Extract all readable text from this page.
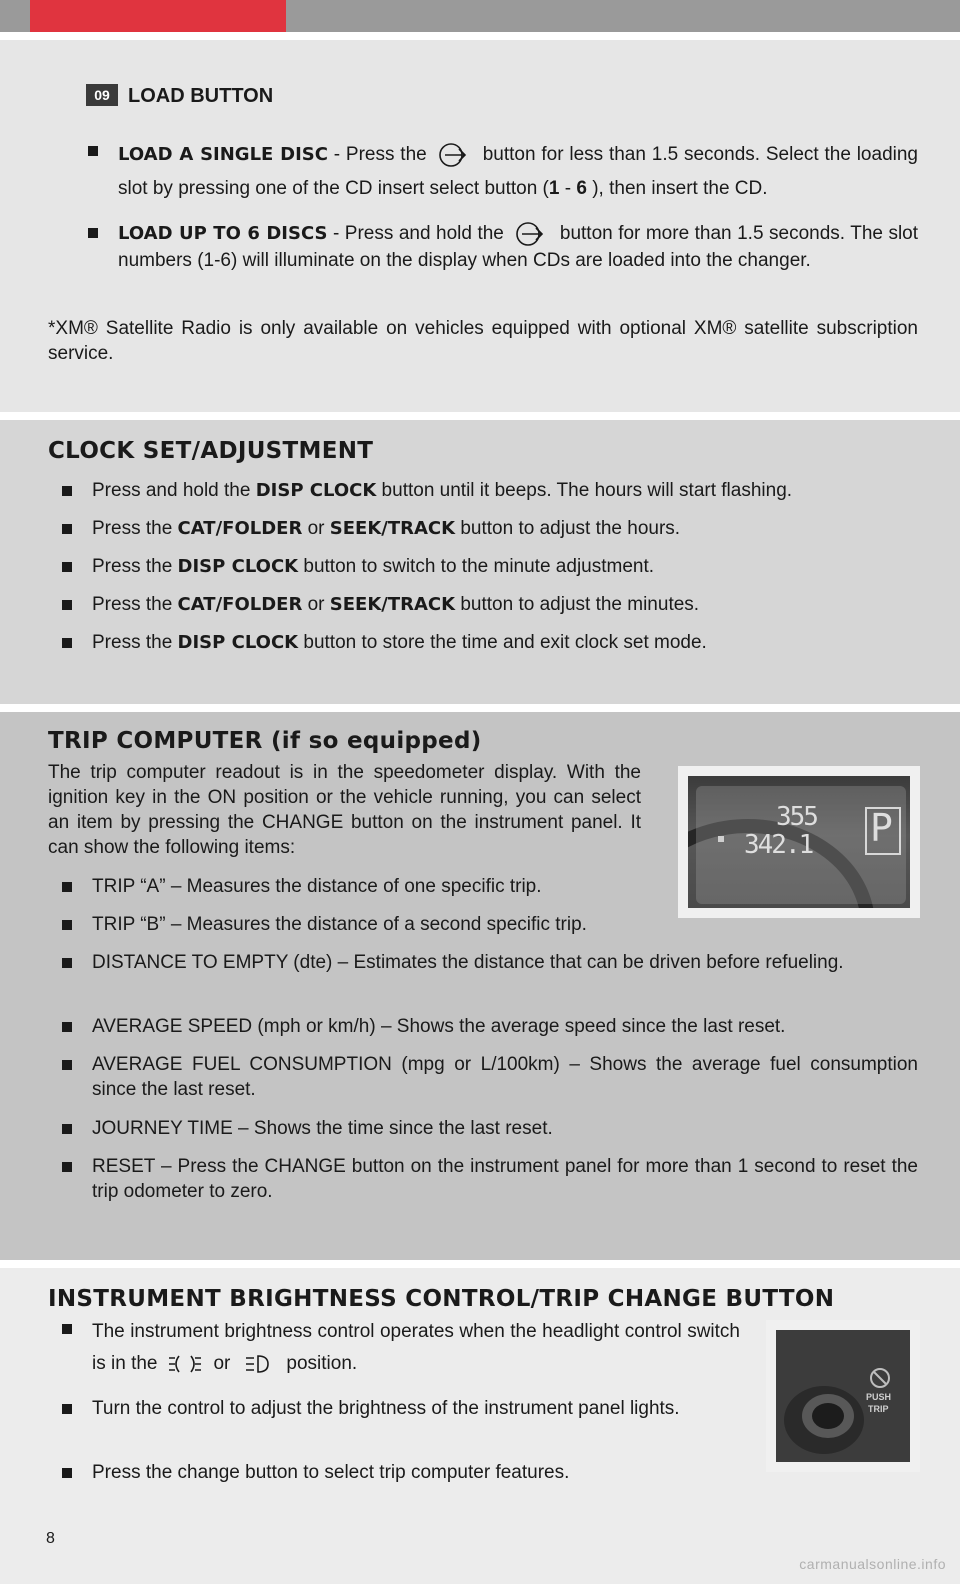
09 LOAD BUTTON
LOAD A SINGLE DISC - Press the	button for less than 1.5 seconds. Select the loading slot by pressing one of the CD insert select button (1 - 6 ), then insert the CD.
LOAD UP TO 6 DISCS - Press and hold the	button for more than 1.5 seconds. The slot numbers (1-6) will illuminate on the display when CDs are loaded into the changer.
*XM® Satellite Radio is only available on vehicles equipped with optional XM® satellite subscription service.
CLOCK SET/ADJUSTMENT
Press and hold the DISP CLOCK button until it beeps. The hours will start flashing.
Press the CAT/FOLDER or SEEK/TRACK button to adjust the hours.
Press the DISP CLOCK button to switch to the minute adjustment.
Press the CAT/FOLDER or SEEK/TRACK button to adjust the minutes.
Press the DISP CLOCK button to store the time and exit clock set mode.
TRIP COMPUTER (if so equipped)
The trip computer readout is in the speedometer display. With the ignition key in the ON position or the vehicle running, you can select an item by pressing the CHANGE button on the instrument panel. It can show the following items:
TRIP “A” – Measures the distance of one specific trip.
TRIP “B” – Measures the distance of a second specific trip.
DISTANCE TO EMPTY (dte) – Estimates the distance that can be driven before refueling.
AVERAGE SPEED (mph or km/h) – Shows the average speed since the last reset.
AVERAGE FUEL CONSUMPTION (mpg or L/100km) – Shows the average fuel consumption since the last reset.
JOURNEY TIME – Shows the time since the last reset.
RESET – Press the CHANGE button on the instrument panel for more than 1 second to reset the trip odometer to zero.
355
342.1 P
INSTRUMENT BRIGHTNESS CONTROL/TRIP CHANGE BUTTON
The instrument brightness control operates when the headlight control switch is in the	or	position.
Turn the control to adjust the brightness of the instrument panel lights.
Press the change button to select trip computer features.
PUSH
TRIP
8
carmanualsonline.info
